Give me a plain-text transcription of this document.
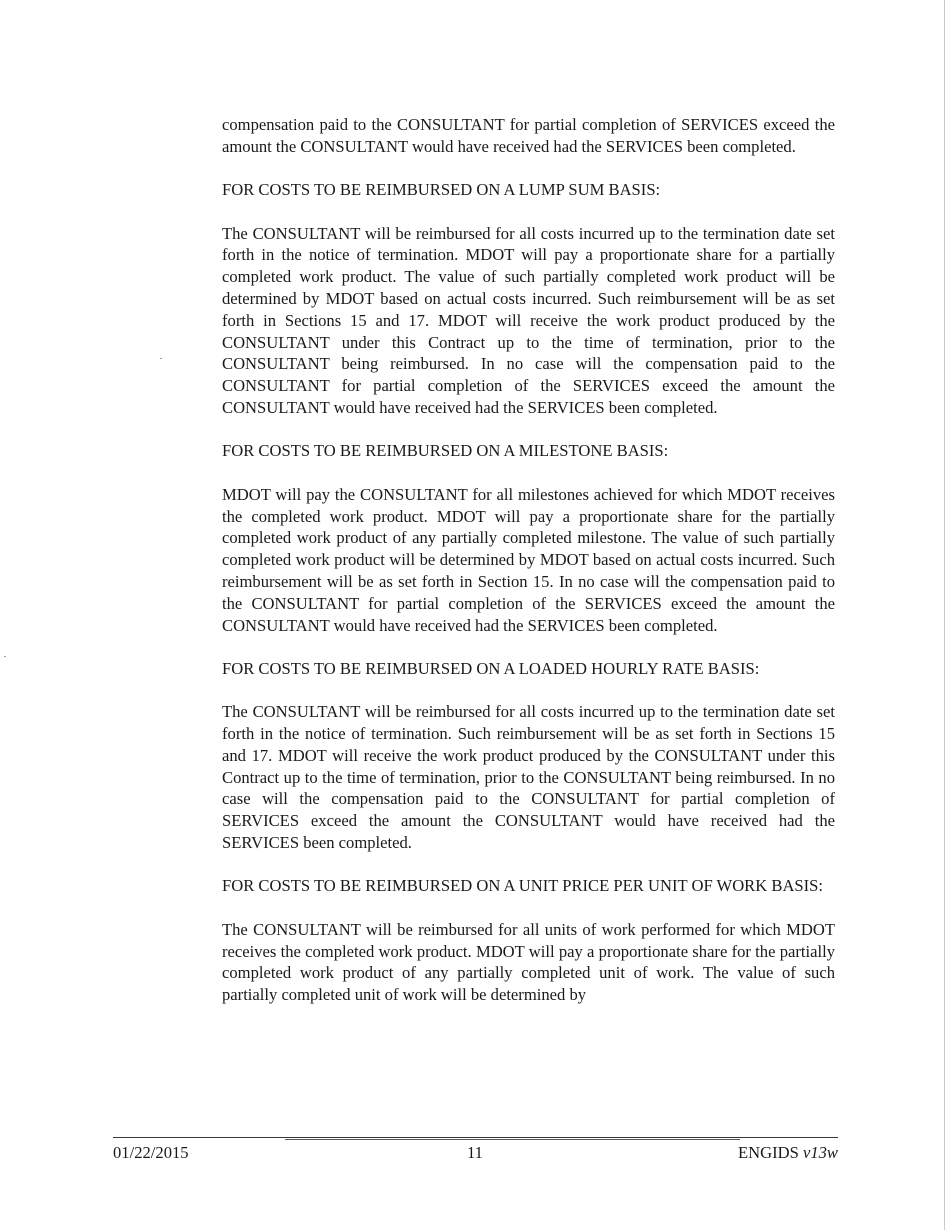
compensation paid to the CONSULTANT for partial completion of SERVICES exceed the amount the CONSULTANT would have received had the SERVICES been completed.

FOR COSTS TO BE REIMBURSED ON A LUMP SUM BASIS:

The CONSULTANT will be reimbursed for all costs incurred up to the termination date set forth in the notice of termination. MDOT will pay a proportionate share for a partially completed work product. The value of such partially completed work product will be determined by MDOT based on actual costs incurred. Such reimbursement will be as set forth in Sections 15 and 17. MDOT will receive the work product produced by the CONSULTANT under this Contract up to the time of termination, prior to the CONSULTANT being reimbursed. In no case will the compensation paid to the CONSULTANT for partial completion of the SERVICES exceed the amount the CONSULTANT would have received had the SERVICES been completed.

FOR COSTS TO BE REIMBURSED ON A MILESTONE BASIS:

MDOT will pay the CONSULTANT for all milestones achieved for which MDOT receives the completed work product. MDOT will pay a proportionate share for the partially completed work product of any partially completed milestone. The value of such partially completed work product will be determined by MDOT based on actual costs incurred. Such reimbursement will be as set forth in Section 15. In no case will the compensation paid to the CONSULTANT for partial completion of the SERVICES exceed the amount the CONSULTANT would have received had the SERVICES been completed.

FOR COSTS TO BE REIMBURSED ON A LOADED HOURLY RATE BASIS:

The CONSULTANT will be reimbursed for all costs incurred up to the termination date set forth in the notice of termination. Such reimbursement will be as set forth in Sections 15 and 17. MDOT will receive the work product produced by the CONSULTANT under this Contract up to the time of termination, prior to the CONSULTANT being reimbursed. In no case will the compensation paid to the CONSULTANT for partial completion of SERVICES exceed the amount the CONSULTANT would have received had the SERVICES been completed.

FOR COSTS TO BE REIMBURSED ON A UNIT PRICE PER UNIT OF WORK BASIS:

The CONSULTANT will be reimbursed for all units of work performed for which MDOT receives the completed work product. MDOT will pay a proportionate share for the partially completed work product of any partially completed unit of work. The value of such partially completed unit of work will be determined by

01/22/2015	11	ENGIDS v13w
